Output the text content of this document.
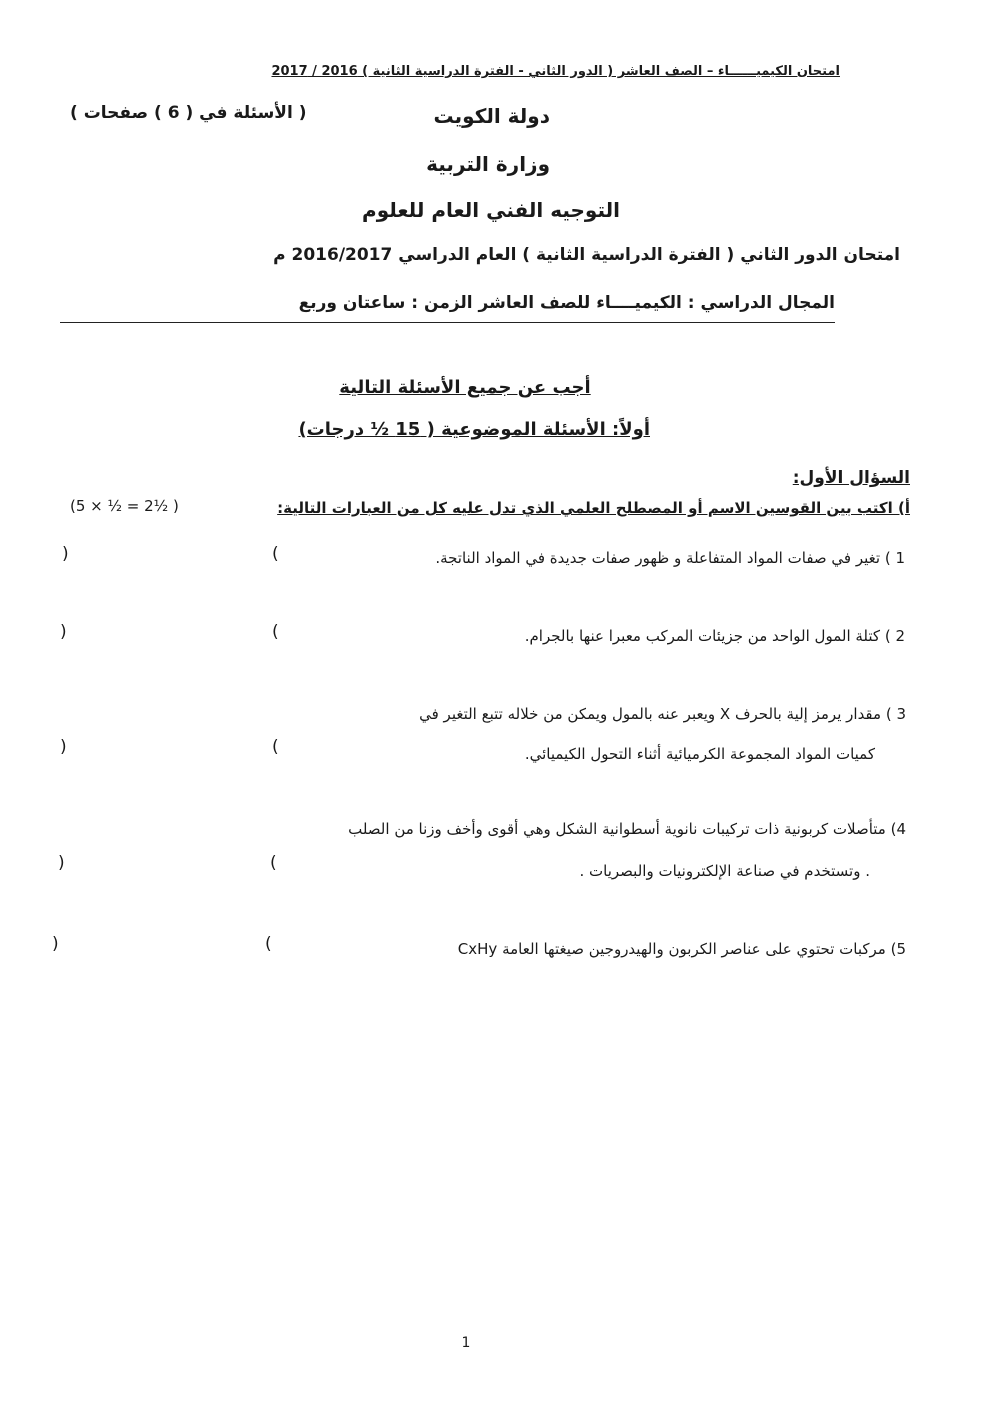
امتحان الكيميــــــاء – الصف العاشر ( الدور الثاني - الفترة الدراسية الثانية ) 2016 / 2017
( الأسئلة في ( 6 ) صفحات )	دولة الكويت
وزارة التربية
التوجيه الفني العام للعلوم
امتحان الدور الثاني ( الفترة الدراسية الثانية ) العام الدراسي 2016/2017 م
المجال الدراسي : الكيميــــاء للصف العاشر الزمن : ساعتان وربع
أجب عن جميع الأسئلة التالية
أولاً: الأسئلة الموضوعية ( 15 ½ درجات)
السؤال الأول:
أ) اكتب بين القوسين الاسم أو المصطلح العلمي الذي تدل عليه كل من العبارات التالية:
(5 × ½ = 2½ )
1 ) تغير في صفات المواد المتفاعلة و ظهور صفات جديدة في المواد الناتجة.
(
)
2 ) كتلة المول الواحد من جزيئات المركب معبرا عنها بالجرام.
(
)
3 ) مقدار يرمز إلية بالحرف X ويعبر عنه بالمول ويمكن من خلاله تتبع التغير في
كميات المواد المجموعة الكرميائية أثناء التحول الكيميائي.
(
)
4) متأصلات كربونية ذات تركيبات نانوية أسطوانية الشكل وهي أقوى وأخف وزنا من الصلب
. وتستخدم في صناعة الإلكترونيات والبصريات .
(
)
5) مركبات تحتوي على عناصر الكربون والهيدروجين صيغتها العامة CxHy
(
)
1
